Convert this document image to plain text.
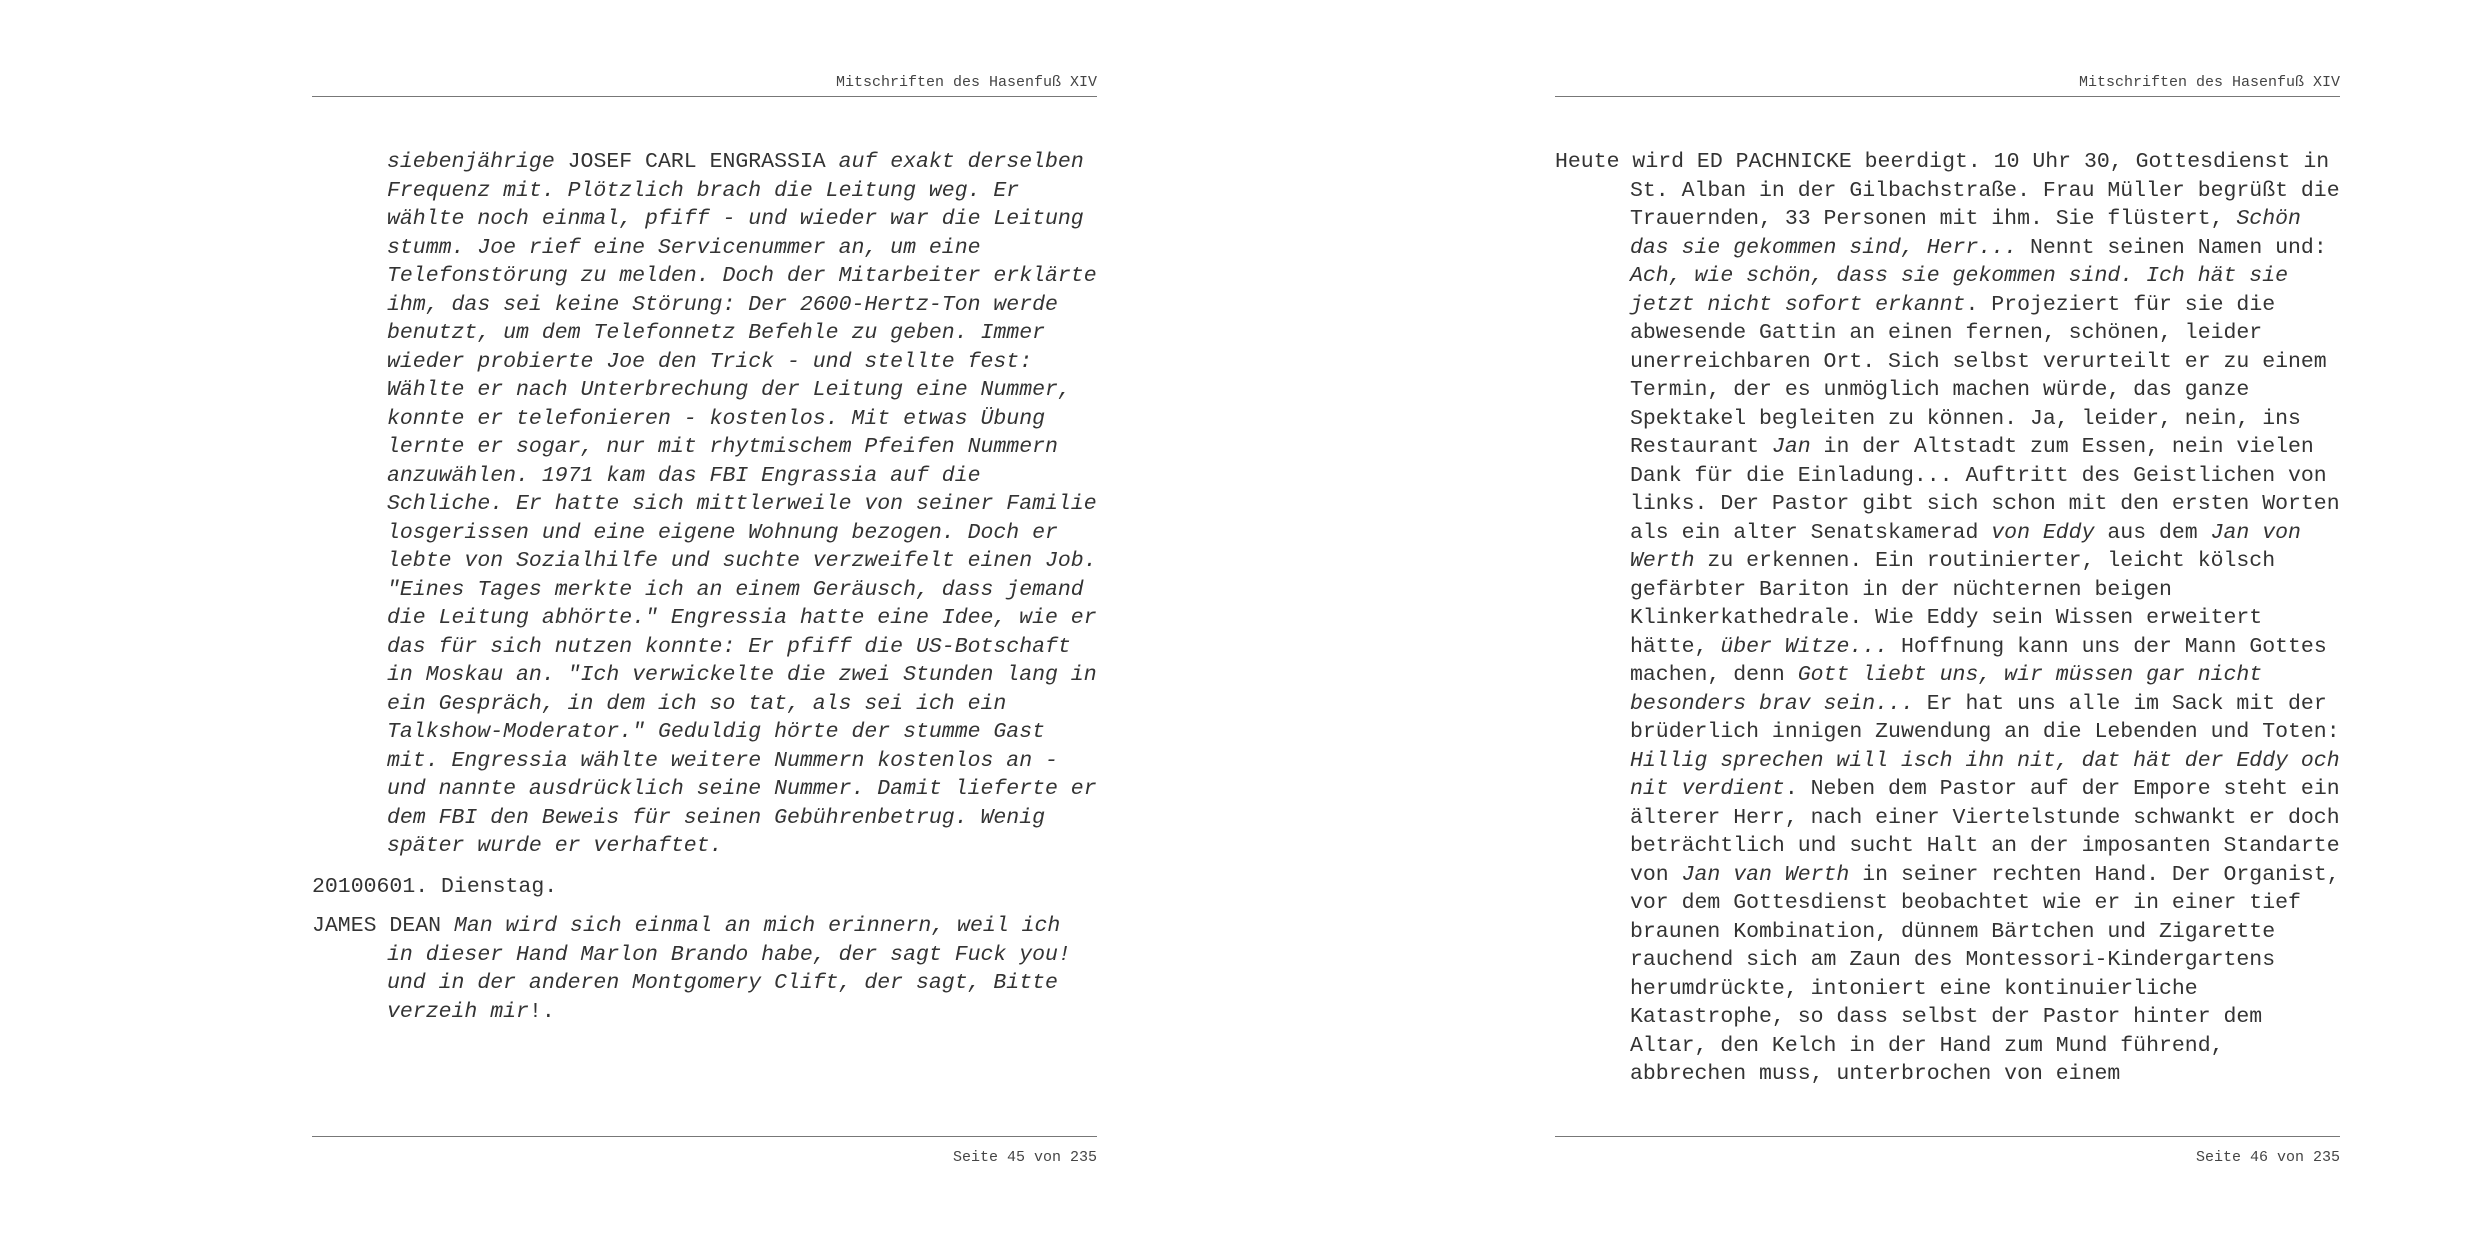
Mitschriften des Hasenfuß XIV

siebenjährige JOSEF CARL ENGRASSIA auf exakt derselben Frequenz mit. Plötzlich brach die Leitung weg. Er wählte noch einmal, pfiff - und wieder war die Leitung stumm. Joe rief eine Servicenummer an, um eine Telefonstörung zu melden. Doch der Mitarbeiter erklärte ihm, das sei keine Störung: Der 2600-Hertz-Ton werde benutzt, um dem Telefonnetz Befehle zu geben. Immer wieder probierte Joe den Trick - und stellte fest: Wählte er nach Unterbrechung der Leitung eine Nummer, konnte er telefonieren - kostenlos. Mit etwas Übung lernte er sogar, nur mit rhytmischem Pfeifen Nummern anzuwählen. 1971 kam das FBI Engrassia auf die Schliche. Er hatte sich mittlerweile von seiner Familie losgerissen und eine eigene Wohnung bezogen. Doch er lebte von Sozialhilfe und suchte verzweifelt einen Job. "Eines Tages merkte ich an einem Geräusch, dass jemand die Leitung abhörte." Engressia hatte eine Idee, wie er das für sich nutzen konnte: Er pfiff die US-Botschaft in Moskau an. "Ich verwickelte die zwei Stunden lang in ein Gespräch, in dem ich so tat, als sei ich ein Talkshow-Moderator." Geduldig hörte der stumme Gast mit. Engressia wählte weitere Nummern kostenlos an - und nannte ausdrücklich seine Nummer. Damit lieferte er dem FBI den Beweis für seinen Gebührenbetrug. Wenig später wurde er verhaftet.

20100601. Dienstag.

JAMES DEAN Man wird sich einmal an mich erinnern, weil ich in dieser Hand Marlon Brando habe, der sagt Fuck you! und in der anderen Montgomery Clift, der sagt, Bitte verzeih mir!.

Seite 45 von 235
Mitschriften des Hasenfuß XIV

Heute wird ED PACHNICKE beerdigt. 10 Uhr 30, Gottesdienst in St. Alban in der Gilbachstraße. Frau Müller begrüßt die Trauernden, 33 Personen mit ihm. Sie flüstert, Schön das sie gekommen sind, Herr... Nennt seinen Namen und: Ach, wie schön, dass sie gekommen sind. Ich hät sie jetzt nicht sofort erkannt. Projeziert für sie die abwesende Gattin an einen fernen, schönen, leider unerreichbaren Ort. Sich selbst verurteilt er zu einem Termin, der es unmöglich machen würde, das ganze Spektakel begleiten zu können. Ja, leider, nein, ins Restaurant Jan in der Altstadt zum Essen, nein vielen Dank für die Einladung... Auftritt des Geistlichen von links. Der Pastor gibt sich schon mit den ersten Worten als ein alter Senatskamerad von Eddy aus dem Jan von Werth zu erkennen. Ein routinierter, leicht kölsch gefärbter Bariton in der nüchternen beigen Klinkerkathedrale. Wie Eddy sein Wissen erweitert hätte, über Witze... Hoffnung kann uns der Mann Gottes machen, denn Gott liebt uns, wir müssen gar nicht besonders brav sein... Er hat uns alle im Sack mit der brüderlich innigen Zuwendung an die Lebenden und Toten: Hillig sprechen will isch ihn nit, dat hät der Eddy och nit verdient. Neben dem Pastor auf der Empore steht ein älterer Herr, nach einer Viertelstunde schwankt er doch beträchtlich und sucht Halt an der imposanten Standarte von Jan van Werth in seiner rechten Hand. Der Organist, vor dem Gottesdienst beobachtet wie er in einer tief braunen Kombination, dünnem Bärtchen und Zigarette rauchend sich am Zaun des Montessori-Kindergartens herumdrückte, intoniert eine kontinuierliche Katastrophe, so dass selbst der Pastor hinter dem Altar, den Kelch in der Hand zum Mund führend, abbrechen muss, unterbrochen von einem

Seite 46 von 235
